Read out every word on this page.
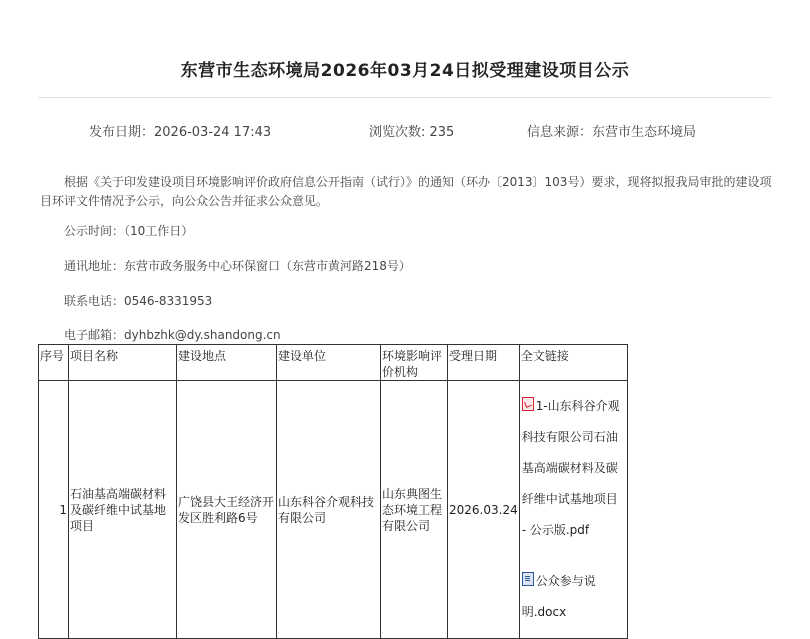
东营市生态环境局2026年03月24日拟受理建设项目公示
发布日期：2026-03-24 17:43	浏览次数: 235	信息来源：东营市生态环境局
根据《关于印发建设项目环境影响评价政府信息公开指南（试行）》的通知（环办〔2013〕103号）要求，现将拟报我局审批的建设项目环评文件情况予公示，向公众公告并征求公众意见。
公示时间：（10工作日）
通讯地址：东营市政务服务中心环保窗口（东营市黄河路218号）
联系电话：0546-8331953
电子邮箱：dyhbzhk@dy.shandong.cn
序号	项目名称	建设地点	建设单位	环境影响评价机构	受理日期	全文链接
1	石油基高端碳材料及碳纤维中试基地项目	广饶县大王经济开发区胜利路6号	山东科谷介观科技有限公司	山东典图生态环境工程有限公司	2026.03.24	1-山东科谷介观科技有限公司石油基高端碳材料及碳纤维中试基地项目 - 公示版.pdf
公众参与说明.docx
